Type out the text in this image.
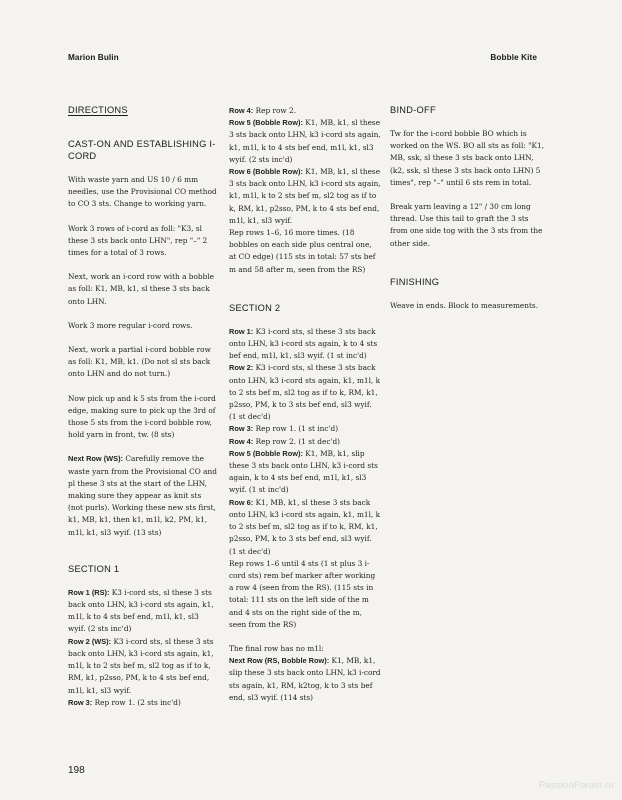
Marion Bulin	Bobble Kite
DIRECTIONS
CAST-ON AND ESTABLISHING I-CORD

With waste yarn and US 10 / 6 mm needles, use the Provisional CO method to CO 3 sts. Change to working yarn.

Work 3 rows of i-cord as foll: "K3, sl these 3 sts back onto LHN", rep "–" 2 times for a total of 3 rows.

Next, work an i-cord row with a bobble as foll: K1, MB, k1, sl these 3 sts back onto LHN.

Work 3 more regular i-cord rows.

Next, work a partial i-cord bobble row as foll: K1, MB, k1. (Do not sl sts back onto LHN and do not turn.)

Now pick up and k 5 sts from the i-cord edge, making sure to pick up the 3rd of those 5 sts from the i-cord bobble row, hold yarn in front, tw. (8 sts)

Next Row (WS): Carefully remove the waste yarn from the Provisional CO and pl these 3 sts at the start of the LHN, making sure they appear as knit sts (not purls). Working these new sts first, k1, MB, k1, then k1, m1l, k2, PM, k1, m1l, k1, sl3 wyif. (13 sts)

SECTION 1

Row 1 (RS): K3 i-cord sts, sl these 3 sts back onto LHN, k3 i-cord sts again, k1, m1l, k to 4 sts bef end, m1l, k1, sl3 wyif. (2 sts inc'd)

Row 2 (WS): K3 i-cord sts, sl these 3 sts back onto LHN, k3 i-cord sts again, k1, m1l, k to 2 sts bef m, sl2 tog as if to k, RM, k1, p2sso, PM, k to 4 sts bef end, m1l, k1, sl3 wyif.

Row 3: Rep row 1. (2 sts inc'd)

Row 4: Rep row 2.

Row 5 (Bobble Row): K1, MB, k1, sl these 3 sts back onto LHN, k3 i-cord sts again, k1, m1l, k to 4 sts bef end, m1l, k1, sl3 wyif. (2 sts inc'd)

Row 6 (Bobble Row): K1, MB, k1, sl these 3 sts back onto LHN, k3 i-cord sts again, k1, m1l, k to 2 sts bef m, sl2 tog as if to k, RM, k1, p2sso, PM, k to 4 sts bef end, m1l, k1, sl3 wyif.

Rep rows 1–6, 16 more times. (18 bobbles on each side plus central one, at CO edge) (115 sts in total: 57 sts bef m and 58 after m, seen from the RS)

SECTION 2

Row 1: K3 i-cord sts, sl these 3 sts back onto LHN, k3 i-cord sts again, k to 4 sts bef end, m1l, k1, sl3 wyif. (1 st inc'd)

Row 2: K3 i-cord sts, sl these 3 sts back onto LHN, k3 i-cord sts again, k1, m1l, k to 2 sts bef m, sl2 tog as if to k, RM, k1, p2sso, PM, k to 3 sts bef end, sl3 wyif. (1 st dec'd)

Row 3: Rep row 1. (1 st inc'd)

Row 4: Rep row 2. (1 st dec'd)

Row 5 (Bobble Row): K1, MB, k1, slip these 3 sts back onto LHN, k3 i-cord sts again, k to 4 sts bef end, m1l, k1, sl3 wyif. (1 st inc'd)

Row 6: K1, MB, k1, sl these 3 sts back onto LHN, k3 i-cord sts again, k1, m1l, k to 2 sts bef m, sl2 tog as if to k, RM, k1, p2sso, PM, k to 3 sts bef end, sl3 wyif. (1 st dec'd)

Rep rows 1–6 until 4 sts (1 st plus 3 i-cord sts) rem bef marker after working a row 4 (seen from the RS). (115 sts in total: 111 sts on the left side of the m and 4 sts on the right side of the m, seen from the RS)

The final row has no m1l:

Next Row (RS, Bobble Row): K1, MB, k1, slip these 3 sts back onto LHN, k3 i-cord sts again, k1, RM, k2tog, k to 3 sts bef end, sl3 wyif. (114 sts)

BIND-OFF

Tw for the i-cord bobble BO which is worked on the WS. BO all sts as foll: "K1, MB, ssk, sl these 3 sts back onto LHN, (k2, ssk, sl these 3 sts back onto LHN) 5 times", rep "–" until 6 sts rem in total.

Break yarn leaving a 12" / 30 cm long thread. Use this tail to graft the 3 sts from one side tog with the 3 sts from the other side.

FINISHING

Weave in ends. Block to measurements.

198
PassionForum.ru
